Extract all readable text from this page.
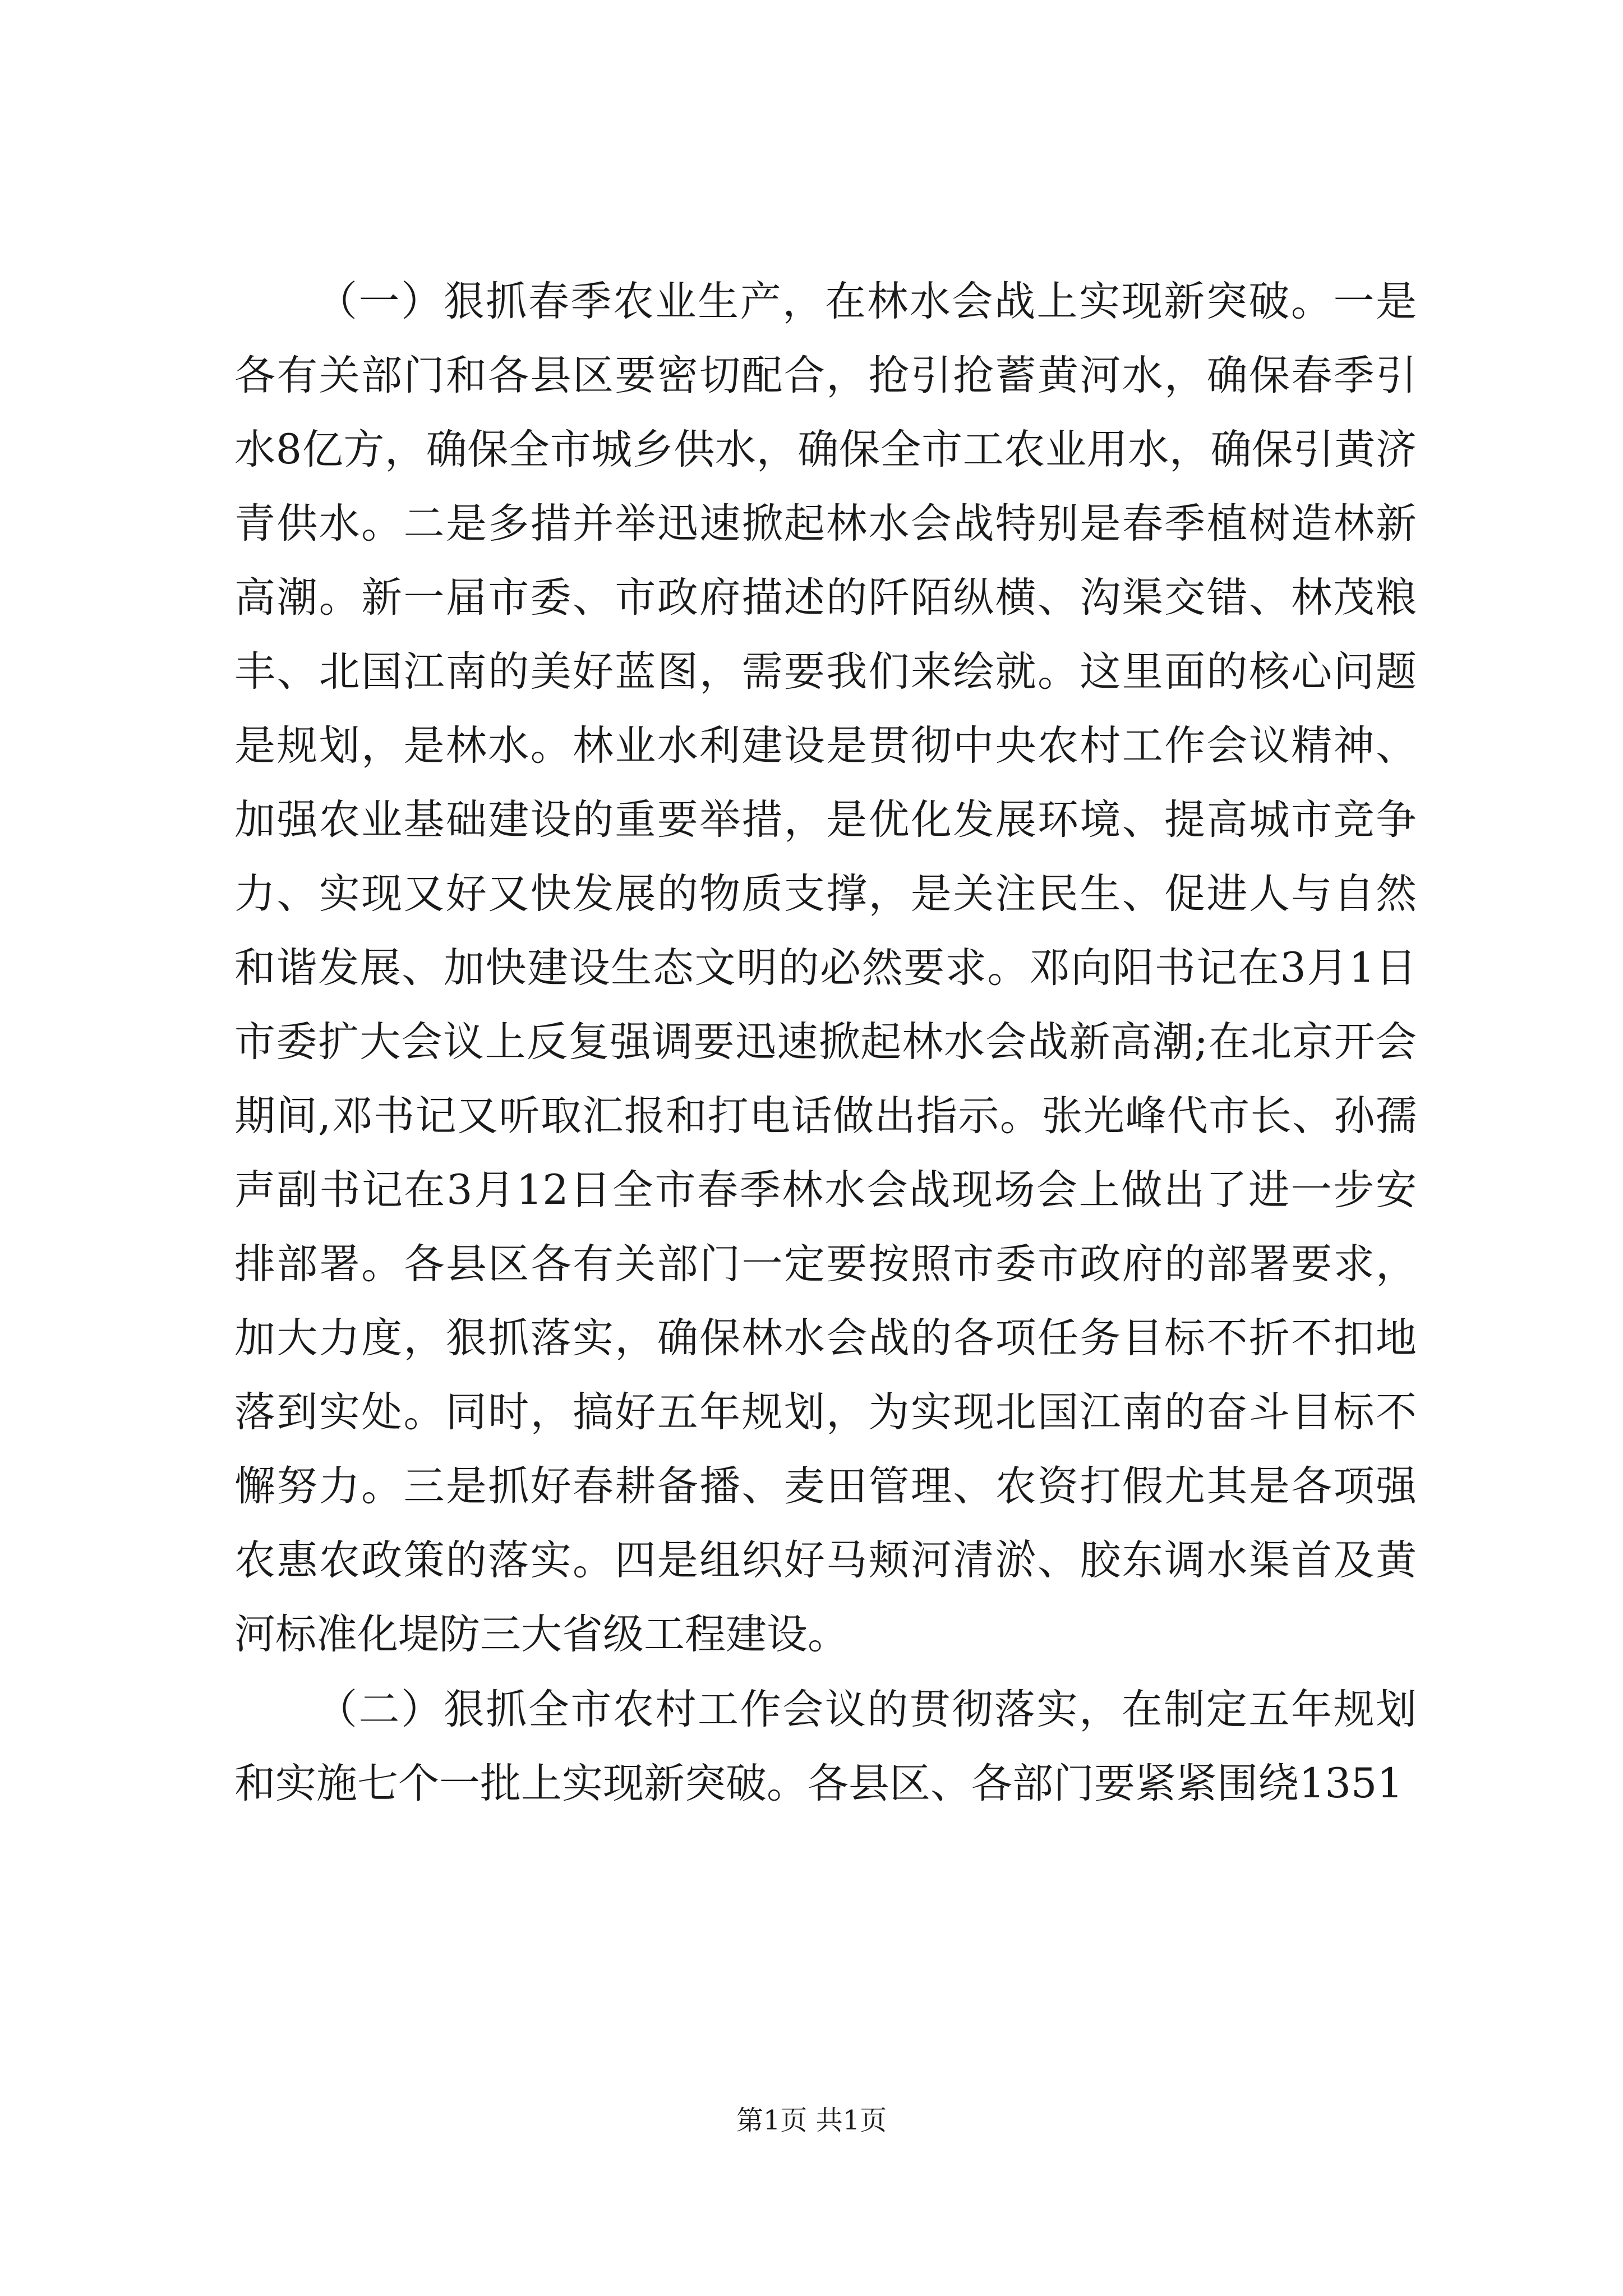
（一）狠抓春季农业生产，在林水会战上实现新突破。一是各有关部门和各县区要密切配合，抢引抢蓄黄河水，确保春季引水8亿方，确保全市城乡供水，确保全市工农业用水，确保引黄济青供水。二是多措并举迅速掀起林水会战特别是春季植树造林新高潮。新一届市委、市政府描述的阡陌纵横、沟渠交错、林茂粮丰、北国江南的美好蓝图，需要我们来绘就。这里面的核心问题是规划，是林水。林业水利建设是贯彻中央农村工作会议精神、加强农业基础建设的重要举措，是优化发展环境、提高城市竞争力、实现又好又快发展的物质支撑，是关注民生、促进人与自然和谐发展、加快建设生态文明的必然要求。邓向阳书记在3月1日市委扩大会议上反复强调要迅速掀起林水会战新高潮;在北京开会期间,邓书记又听取汇报和打电话做出指示。张光峰代市长、孙孺声副书记在3月12日全市春季林水会战现场会上做出了进一步安排部署。各县区各有关部门一定要按照市委市政府的部署要求，加大力度，狠抓落实，确保林水会战的各项任务目标不折不扣地落到实处。同时，搞好五年规划，为实现北国江南的奋斗目标不懈努力。三是抓好春耕备播、麦田管理、农资打假尤其是各项强农惠农政策的落实。四是组织好马颊河清淤、胶东调水渠首及黄河标准化堤防三大省级工程建设。

（二）狠抓全市农村工作会议的贯彻落实，在制定五年规划和实施七个一批上实现新突破。各县区、各部门要紧紧围绕1351

第1页 共1页
